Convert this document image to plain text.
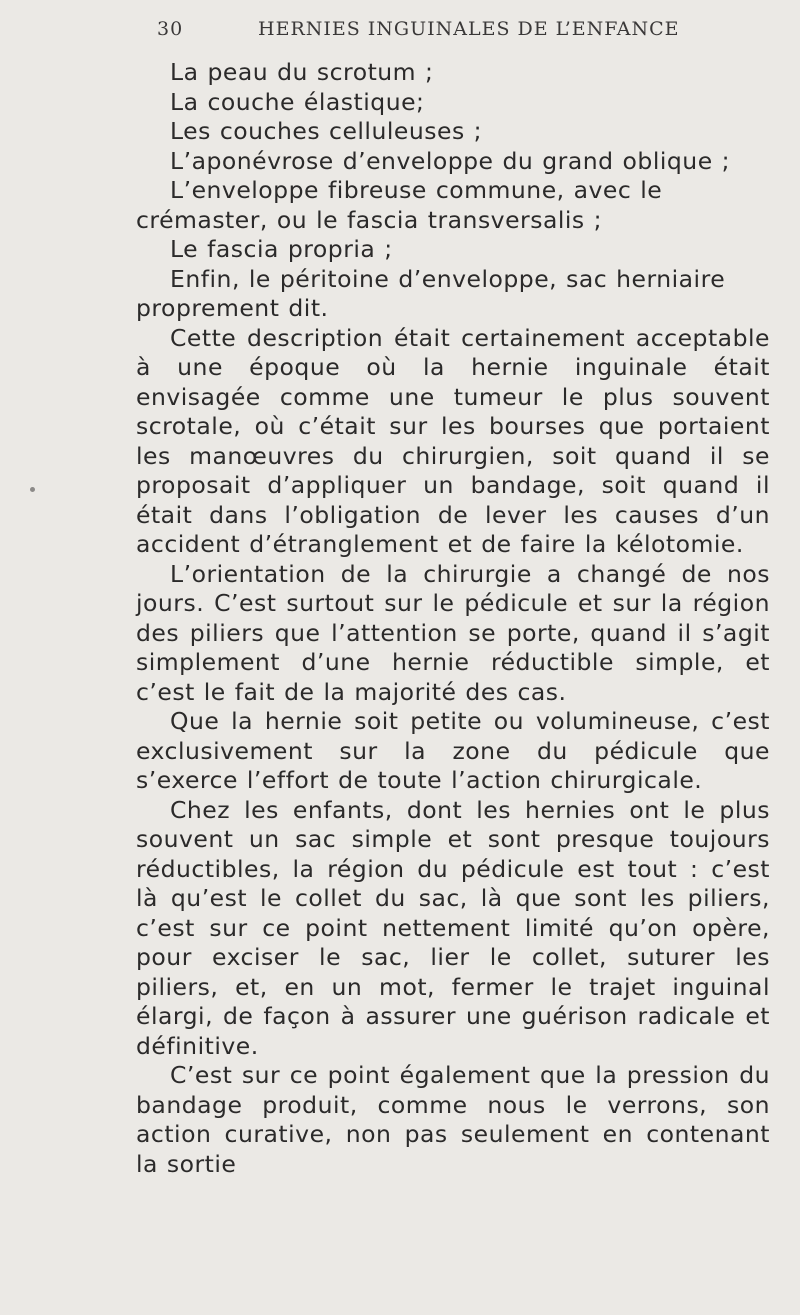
30	HERNIES INGUINALES DE L’ENFANCE

La peau du scrotum ;

La couche élastique;

Les couches celluleuses ;

L’aponévrose d’enveloppe du grand oblique ;

L’enveloppe fibreuse commune, avec le crémaster, ou le fascia transversalis ;

Le fascia propria ;

Enfin, le péritoine d’enveloppe, sac herniaire proprement dit.

Cette description était certainement acceptable à une époque où la hernie inguinale était envisagée comme une tumeur le plus souvent scrotale, où c’était sur les bourses que portaient les manœuvres du chirurgien, soit quand il se proposait d’appliquer un bandage, soit quand il était dans l’obligation de lever les causes d’un accident d’étranglement et de faire la kélotomie.

L’orientation de la chirurgie a changé de nos jours. C’est surtout sur le pédicule et sur la région des piliers que l’attention se porte, quand il s’agit simplement d’une hernie réductible simple, et c’est le fait de la majorité des cas.

Que la hernie soit petite ou volumineuse, c’est exclusivement sur la zone du pédicule que s’exerce l’effort de toute l’action chirurgicale.

Chez les enfants, dont les hernies ont le plus souvent un sac simple et sont presque toujours réductibles, la région du pédicule est tout : c’est là qu’est le collet du sac, là que sont les piliers, c’est sur ce point nettement limité qu’on opère, pour exciser le sac, lier le collet, suturer les piliers, et, en un mot, fermer le trajet inguinal élargi, de façon à assurer une guérison radicale et définitive.

C’est sur ce point également que la pression du bandage produit, comme nous le verrons, son action curative, non pas seulement en contenant la sortie
